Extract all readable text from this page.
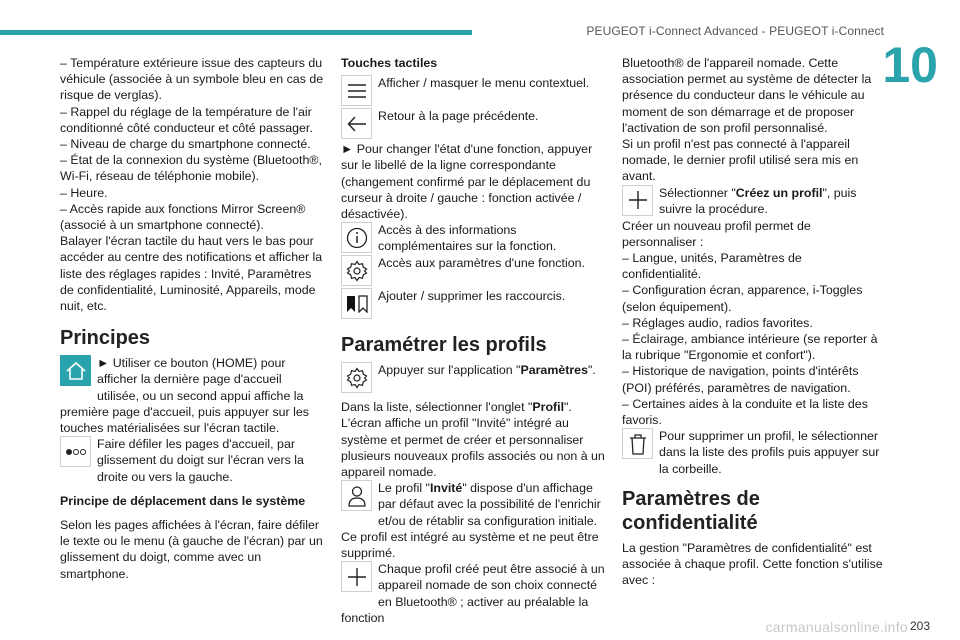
PEUGEOT i-Connect Advanced - PEUGEOT i-Connect
10

– Température extérieure issue des capteurs du véhicule (associée à un symbole bleu en cas de risque de verglas).

– Rappel du réglage de la température de l'air conditionné côté conducteur et côté passager.

– Niveau de charge du smartphone connecté.

– État de la connexion du système (Bluetooth®, Wi-Fi, réseau de téléphonie mobile).

– Heure.

– Accès rapide aux fonctions Mirror Screen® (associé à un smartphone connecté).

Balayer l'écran tactile du haut vers le bas pour accéder au centre des notifications et afficher la liste des réglages rapides : Invité, Paramètres de confidentialité, Luminosité, Appareils, mode nuit, etc.

Principes

► Utiliser ce bouton (HOME) pour afficher la dernière page d'accueil utilisée, ou un second appui affiche la première page d'accueil, puis appuyer sur les touches matérialisées sur l'écran tactile.

Faire défiler les pages d'accueil, par glissement du doigt sur l'écran vers la droite ou vers la gauche.

Principe de déplacement dans le système

Selon les pages affichées à l'écran, faire défiler le texte ou le menu (à gauche de l'écran) par un glissement du doigt, comme avec un smartphone.

Touches tactiles

Afficher / masquer le menu contextuel.

Retour à la page précédente.

► Pour changer l'état d'une fonction, appuyer sur le libellé de la ligne correspondante (changement confirmé par le déplacement du curseur à droite / gauche : fonction activée / désactivée).

Accès à des informations complémentaires sur la fonction.

Accès aux paramètres d'une fonction.

Ajouter / supprimer les raccourcis.

Paramétrer les profils

Appuyer sur l'application "Paramètres".

Dans la liste, sélectionner l'onglet "Profil".

L'écran affiche un profil "Invité" intégré au système et permet de créer et personnaliser plusieurs nouveaux profils associés ou non à un appareil nomade.

Le profil "Invité" dispose d'un affichage par défaut avec la possibilité de l'enrichir et/ou de rétablir sa configuration initiale. Ce profil est intégré au système et ne peut être supprimé.

Chaque profil créé peut être associé à un appareil nomade de son choix connecté en Bluetooth® ; activer au préalable la fonction

Bluetooth® de l'appareil nomade. Cette association permet au système de détecter la présence du conducteur dans le véhicule au moment de son démarrage et de proposer l'activation de son profil personnalisé.

Si un profil n'est pas connecté à l'appareil nomade, le dernier profil utilisé sera mis en avant.

Sélectionner "Créez un profil", puis suivre la procédure.

Créer un nouveau profil permet de personnaliser :

– Langue, unités, Paramètres de confidentialité.

– Configuration écran, apparence, i-Toggles (selon équipement).

– Réglages audio, radios favorites.

– Éclairage, ambiance intérieure (se reporter à la rubrique "Ergonomie et confort").

– Historique de navigation, points d'intérêts (POI) préférés, paramètres de navigation.

– Certaines aides à la conduite et la liste des favoris.

Pour supprimer un profil, le sélectionner dans la liste des profils puis appuyer sur la corbeille.

Paramètres de
confidentialité

La gestion "Paramètres de confidentialité" est associée à chaque profil. Cette fonction s'utilise avec :

carmanualsonline.info 203
